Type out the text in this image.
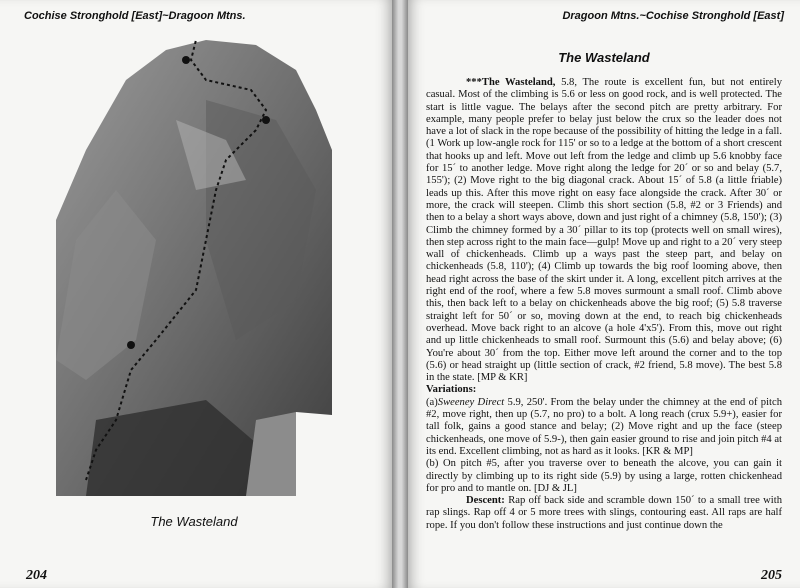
Cochise Stronghold [East]~Dragoon Mtns.
The Wasteland
204
Dragoon Mtns.~Cochise Stronghold [East]
The Wasteland

***The Wasteland, 5.8, The route is excellent fun, but not entirely casual. Most of the climbing is 5.6 or less on good rock, and is well protected. The start is little vague. The belays after the second pitch are pretty arbitrary. For example, many people prefer to belay just below the crux so the leader does not have a lot of slack in the rope because of the possibility of hitting the ledge in a fall. (1 Work up low-angle rock for 115' or so to a ledge at the bottom of a short crescent that hooks up and left. Move out left from the ledge and climb up 5.6 knobby face for 15´ to another ledge. Move right along the ledge for 20´ or so and belay (5.7, 155'); (2) Move right to the big diagonal crack. About 15´ of 5.8 (a little friable) leads up this. After this move right on easy face alongside the crack. After 30´ or more, the crack will steepen. Climb this short section (5.8, #2 or 3 Friends) and then to a belay a short ways above, down and just right of a chimney (5.8, 150'); (3) Climb the chimney formed by a 30´ pillar to its top (protects well on small wires), then step across right to the main face—gulp! Move up and right to a 20´ very steep wall of chickenheads. Climb up a ways past the steep part, and belay on chickenheads (5.8, 110'); (4) Climb up towards the big roof looming above, then head right across the base of the skirt under it. A long, excellent pitch arrives at the right end of the roof, where a few 5.8 moves surmount a small roof. Climb above this, then back left to a belay on chickenheads above the big roof; (5) 5.8 traverse straight left for 50´ or so, moving down at the end, to reach big chickenheads overhead. Move back right to an alcove (a hole 4'x5'). From this, move out right and up little chickenheads to small roof. Surmount this (5.6) and belay above; (6) You're about 30´ from the top. Either move left around the corner and to the top (5.6) or head straight up (little section of crack, #2 friend, 5.8 move). The best 5.8 in the state. [MP & KR]

Variations:

(a)Sweeney Direct 5.9, 250'. From the belay under the chimney at the end of pitch #2, move right, then up (5.7, no pro) to a bolt. A long reach (crux 5.9+), easier for tall folk, gains a good stance and belay; (2) Move right and up the face (steep chickenheads, one move of 5.9-), then gain easier ground to rise and join pitch #4 at its end. Excellent climbing, not as hard as it looks. [KR & MP]

(b) On pitch #5, after you traverse over to beneath the alcove, you can gain it directly by climbing up to its right side (5.9) by using a large, rotten chickenhead for pro and to mantle on. [DJ & JL]

Descent: Rap off back side and scramble down 150´ to a small tree with rap slings. Rap off 4 or 5 more trees with slings, contouring east. All raps are half rope. If you don't follow these instructions and just continue down the

205
